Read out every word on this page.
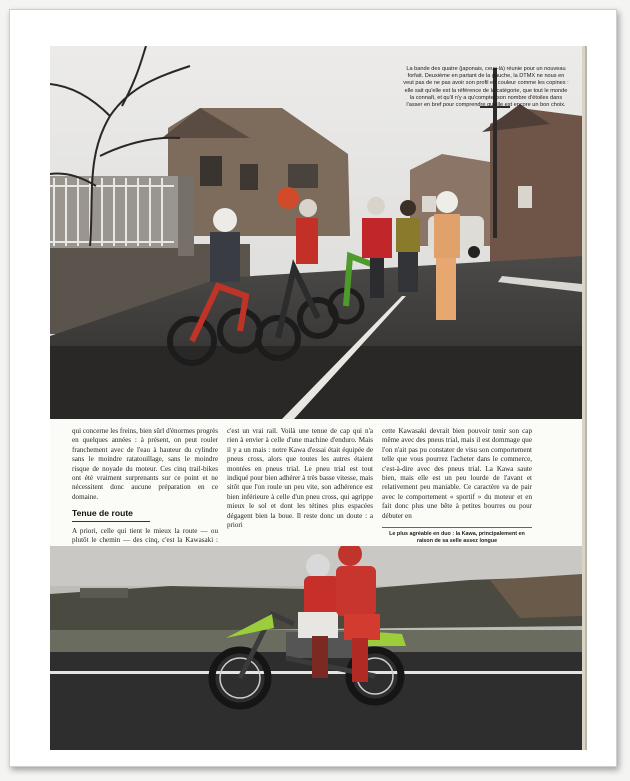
La bande des quatre (japonais, ceux-là) réunie pour un nouveau forfait. Deuxième en partant de la gauche, la DTMX ne nous en veut pas de ne pas avoir son profil en couleur comme les copines : elle sait qu'elle est la référence de la catégorie, que tout le monde la connaît, et qu'il n'y a qu'compter son nombre d'étoiles dans l'asser en bref pour comprendre qu'elle est encore un bon choix.

qui concerne les freins, bien sûrl d'énormes progrès en quelques années : à présent, on peut rouler franchement avec de l'eau à hauteur du cylindre sans le moindre ratatouillage, sans le moindre risque de noyade du moteur. Ces cinq trail-bikes ont été vraiment surprenants sur ce point et ne nécessitent donc aucune préparation en ce domaine.

Tenue de route

A priori, celle qui tient le mieux la route — ou plutôt le chemin — des cinq, c'est la Kawasaki :

c'est un vrai rail. Voilà une tenue de cap qui n'a rien à envier à celle d'une machine d'enduro. Mais il y a un mais : notre Kawa d'essai était équipée de pneus cross, alors que toutes les autres étaient montées en pneus trial. Le pneu trial est tout indiqué pour bien adhérer à très basse vitesse, mais sitôt que l'on roule un peu vite, son adhérence est bien inférieure à celle d'un pneu cross, qui agrippe mieux le sol et dont les tétines plus espacées dégagent bien la boue. Il reste donc un doute : a priori

cette Kawasaki devrait bien pouvoir tenir son cap même avec des pneus trial, mais il est dommage que l'on n'ait pas pu constater de visu son comportement telle que vous pourrez l'acheter dans le commerce, c'est-à-dire avec des pneus trial. La Kawa saute bien, mais elle est un peu lourde de l'avant et relativement peu maniable. Ce caractère va de pair avec le comportement « sportif » du moteur et en fait donc plus une bête à petites bourres ou pour débuter en

Le plus agréable en duo : la Kawa, principalement en raison de sa selle assez longue
